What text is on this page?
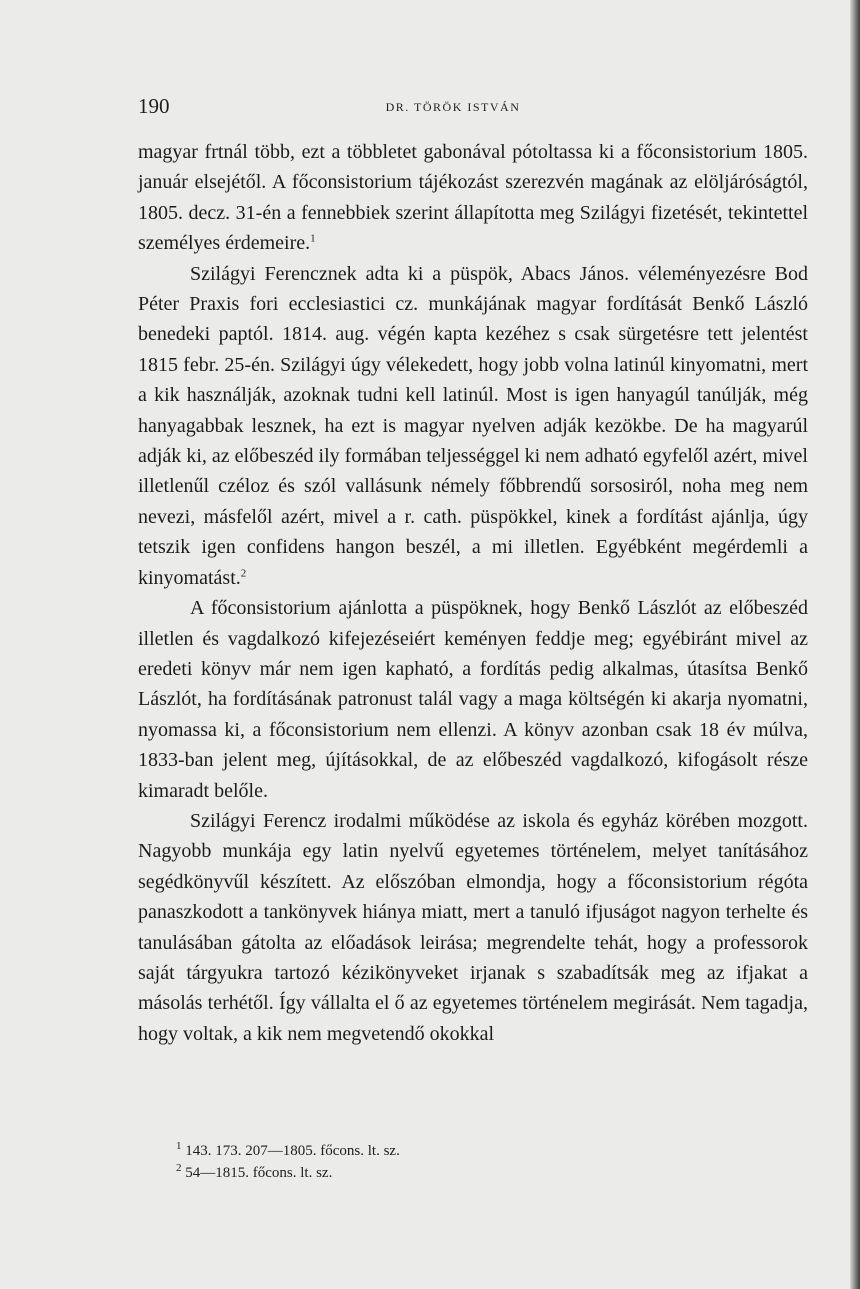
190	DR. TÖRÖK ISTVÁN

magyar frtnál több, ezt a többletet gabonával pótoltassa ki a főconsistorium 1805. január elsejétől. A főconsistorium tájékozást szerezvén magának az elöljáróságtól, 1805. decz. 31-én a fennebbiek szerint állapította meg Szilágyi fizetését, tekintettel személyes érdemeire.$^1$

Szilágyi Ferencznek adta ki a püspök, Abacs János. véleményezésre Bod Péter Praxis fori ecclesiastici cz. munkájának magyar fordítását Benkő László benedeki paptól. 1814. aug. végén kapta kezéhez s csak sürgetésre tett jelentést 1815 febr. 25-én. Szilágyi úgy vélekedett, hogy jobb volna latinúl kinyomatni, mert a kik használják, azoknak tudni kell latinúl. Most is igen hanyagúl tanúlják, még hanyagabbak lesznek, ha ezt is magyar nyelven adják kezökbe. De ha magyarúl adják ki, az előbeszéd ily formában teljességgel ki nem adható egyfelől azért, mivel illetlenűl czéloz és szól vallásunk némely főbbrendű sorsosiról, noha meg nem nevezi, másfelől azért, mivel a r. cath. püspökkel, kinek a fordítást ajánlja, úgy tetszik igen confidens hangon beszél, a mi illetlen. Egyébként megérdemli a kinyomatást.$^2$

A főconsistorium ajánlotta a püspöknek, hogy Benkő Lászlót az előbeszéd illetlen és vagdalkozó kifejezéseiért keményen feddje meg; egyébiránt mivel az eredeti könyv már nem igen kapható, a fordítás pedig alkalmas, útasítsa Benkő Lászlót, ha fordításának patronust talál vagy a maga költségén ki akarja nyomatni, nyomassa ki, a főconsistorium nem ellenzi. A könyv azonban csak 18 év múlva, 1833-ban jelent meg, újításokkal, de az előbeszéd vagdalkozó, kifogásolt része kimaradt belőle.

Szilágyi Ferencz irodalmi működése az iskola és egyház körében mozgott. Nagyobb munkája egy latin nyelvű egyetemes történelem, melyet tanításához segédkönyvűl készített. Az előszóban elmondja, hogy a főconsistorium régóta panaszkodott a tankönyvek hiánya miatt, mert a tanuló ifjuságot nagyon terhelte és tanulásában gátolta az előadások leirása; megrendelte tehát, hogy a professorok saját tárgyukra tartozó kézikönyveket irjanak s szabadítsák meg az ifjakat a másolás terhétől. Így vállalta el ő az egyetemes történelem megirását. Nem tagadja, hogy voltak, a kik nem megvetendő okokkal

$^1$ 143. 173. 207—1805. főcons. lt. sz.

$^2$ 54—1815. főcons. lt. sz.
